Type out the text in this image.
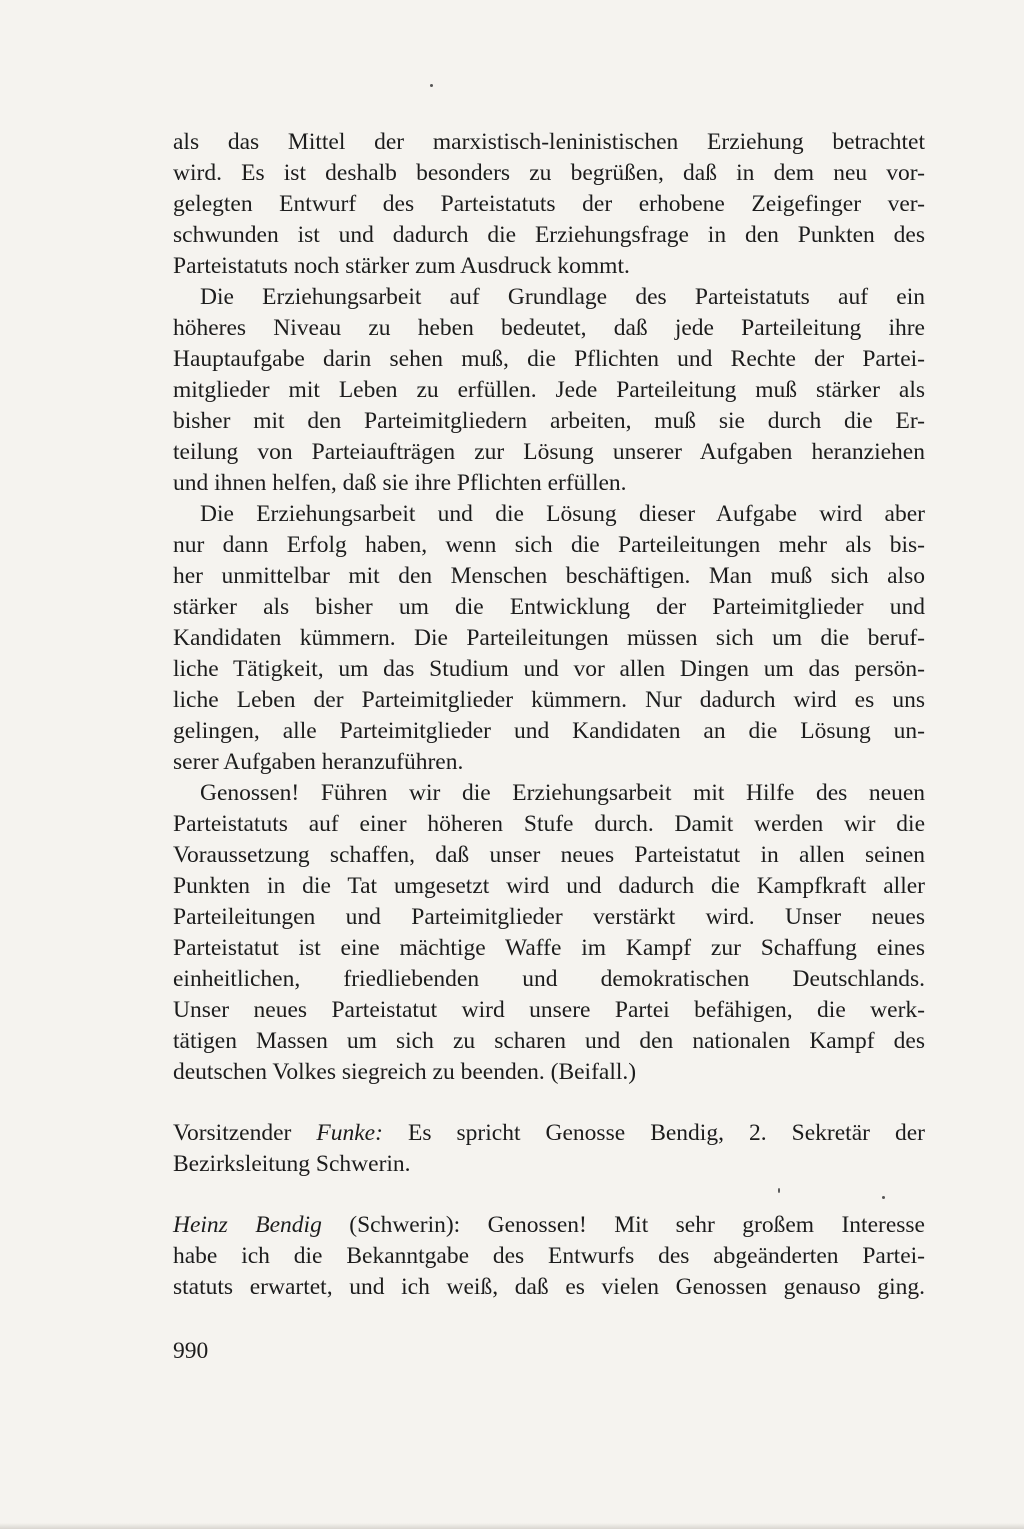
als das Mittel der marxistisch-leninistischen Erziehung betrachtet
wird. Es ist deshalb besonders zu begrüßen, daß in dem neu vor-
gelegten Entwurf des Parteistatuts der erhobene Zeigefinger ver-
schwunden ist und dadurch die Erziehungsfrage in den Punkten des
Parteistatuts noch stärker zum Ausdruck kommt.
Die Erziehungsarbeit auf Grundlage des Parteistatuts auf ein
höheres Niveau zu heben bedeutet, daß jede Parteileitung ihre
Hauptaufgabe darin sehen muß, die Pflichten und Rechte der Partei-
mitglieder mit Leben zu erfüllen. Jede Parteileitung muß stärker als
bisher mit den Parteimitgliedern arbeiten, muß sie durch die Er-
teilung von Parteiaufträgen zur Lösung unserer Aufgaben heranziehen
und ihnen helfen, daß sie ihre Pflichten erfüllen.
Die Erziehungsarbeit und die Lösung dieser Aufgabe wird aber
nur dann Erfolg haben, wenn sich die Parteileitungen mehr als bis-
her unmittelbar mit den Menschen beschäftigen. Man muß sich also
stärker als bisher um die Entwicklung der Parteimitglieder und
Kandidaten kümmern. Die Parteileitungen müssen sich um die beruf-
liche Tätigkeit, um das Studium und vor allen Dingen um das persön-
liche Leben der Parteimitglieder kümmern. Nur dadurch wird es uns
gelingen, alle Parteimitglieder und Kandidaten an die Lösung un-
serer Aufgaben heranzuführen.
Genossen! Führen wir die Erziehungsarbeit mit Hilfe des neuen
Parteistatuts auf einer höheren Stufe durch. Damit werden wir die
Voraussetzung schaffen, daß unser neues Parteistatut in allen seinen
Punkten in die Tat umgesetzt wird und dadurch die Kampfkraft aller
Parteileitungen und Parteimitglieder verstärkt wird. Unser neues
Parteistatut ist eine mächtige Waffe im Kampf zur Schaffung eines
einheitlichen, friedliebenden und demokratischen Deutschlands.
Unser neues Parteistatut wird unsere Partei befähigen, die werk-
tätigen Massen um sich zu scharen und den nationalen Kampf des
deutschen Volkes siegreich zu beenden. (Beifall.)
Vorsitzender Funke: Es spricht Genosse Bendig, 2. Sekretär der
Bezirksleitung Schwerin.
Heinz Bendig (Schwerin): Genossen! Mit sehr großem Interesse
habe ich die Bekanntgabe des Entwurfs des abgeänderten Partei-
statuts erwartet, und ich weiß, daß es vielen Genossen genauso ging.
990
